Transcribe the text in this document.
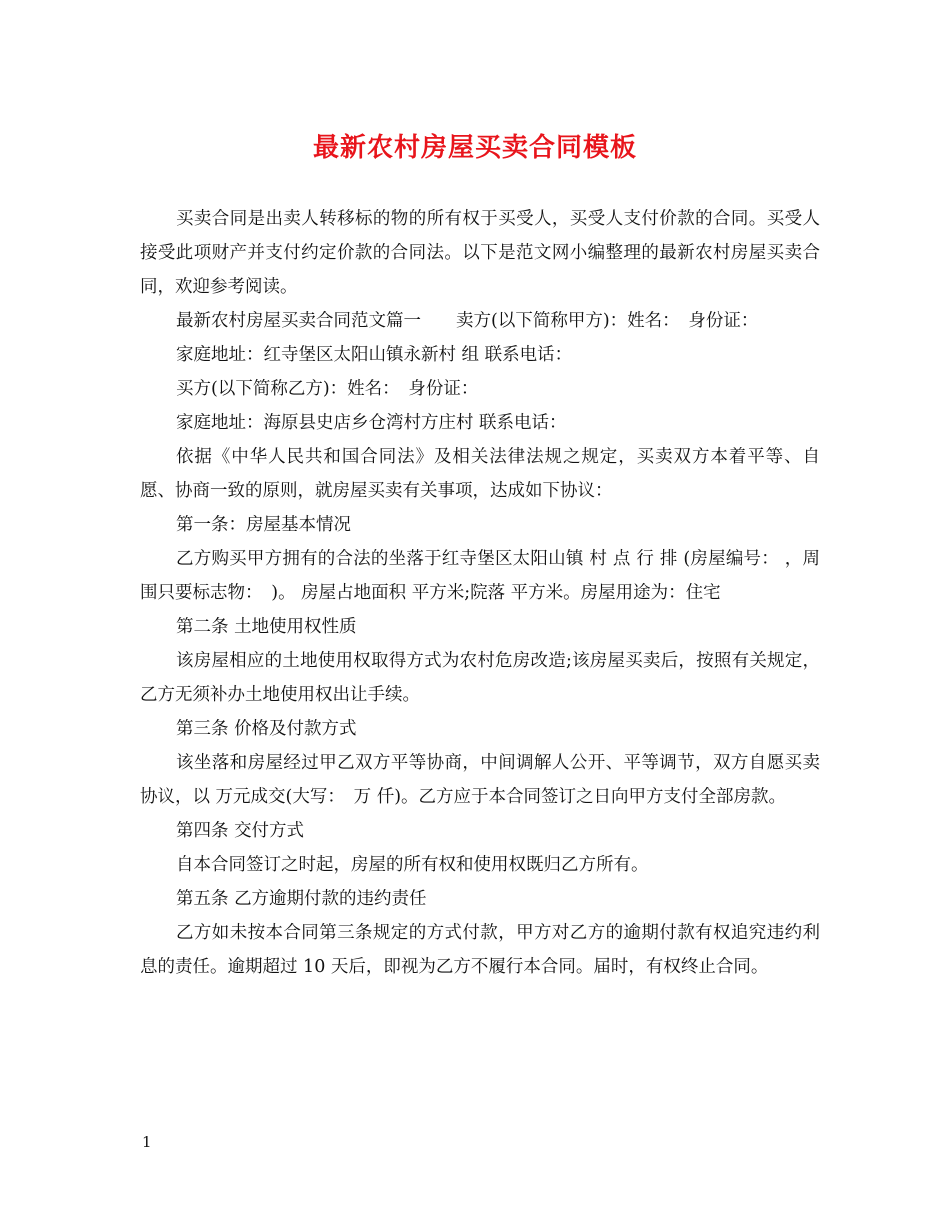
最新农村房屋买卖合同模板

买卖合同是出卖人转移标的物的所有权于买受人，买受人支付价款的合同。买受人接受此项财产并支付约定价款的合同法。以下是范文网小编整理的最新农村房屋买卖合同，欢迎参考阅读。

最新农村房屋买卖合同范文篇一　　卖方(以下简称甲方)：姓名：　身份证：

家庭地址：红寺堡区太阳山镇永新村 组 联系电话：

买方(以下简称乙方)：姓名：　身份证：

家庭地址：海原县史店乡仓湾村方庄村 联系电话：

依据《中华人民共和国合同法》及相关法律法规之规定，买卖双方本着平等、自愿、协商一致的原则，就房屋买卖有关事项，达成如下协议：

第一条：房屋基本情况

乙方购买甲方拥有的合法的坐落于红寺堡区太阳山镇 村 点 行 排 (房屋编号： ，周围只要标志物：　)。 房屋占地面积 平方米;院落 平方米。房屋用途为：住宅

第二条 土地使用权性质

该房屋相应的土地使用权取得方式为农村危房改造;该房屋买卖后，按照有关规定，乙方无须补办土地使用权出让手续。

第三条 价格及付款方式

该坐落和房屋经过甲乙双方平等协商，中间调解人公开、平等调节，双方自愿买卖协议，以 万元成交(大写：　万 仟)。乙方应于本合同签订之日向甲方支付全部房款。

第四条 交付方式

自本合同签订之时起，房屋的所有权和使用权既归乙方所有。

第五条 乙方逾期付款的违约责任

乙方如未按本合同第三条规定的方式付款，甲方对乙方的逾期付款有权追究违约利息的责任。逾期超过 10 天后，即视为乙方不履行本合同。届时，有权终止合同。

1
